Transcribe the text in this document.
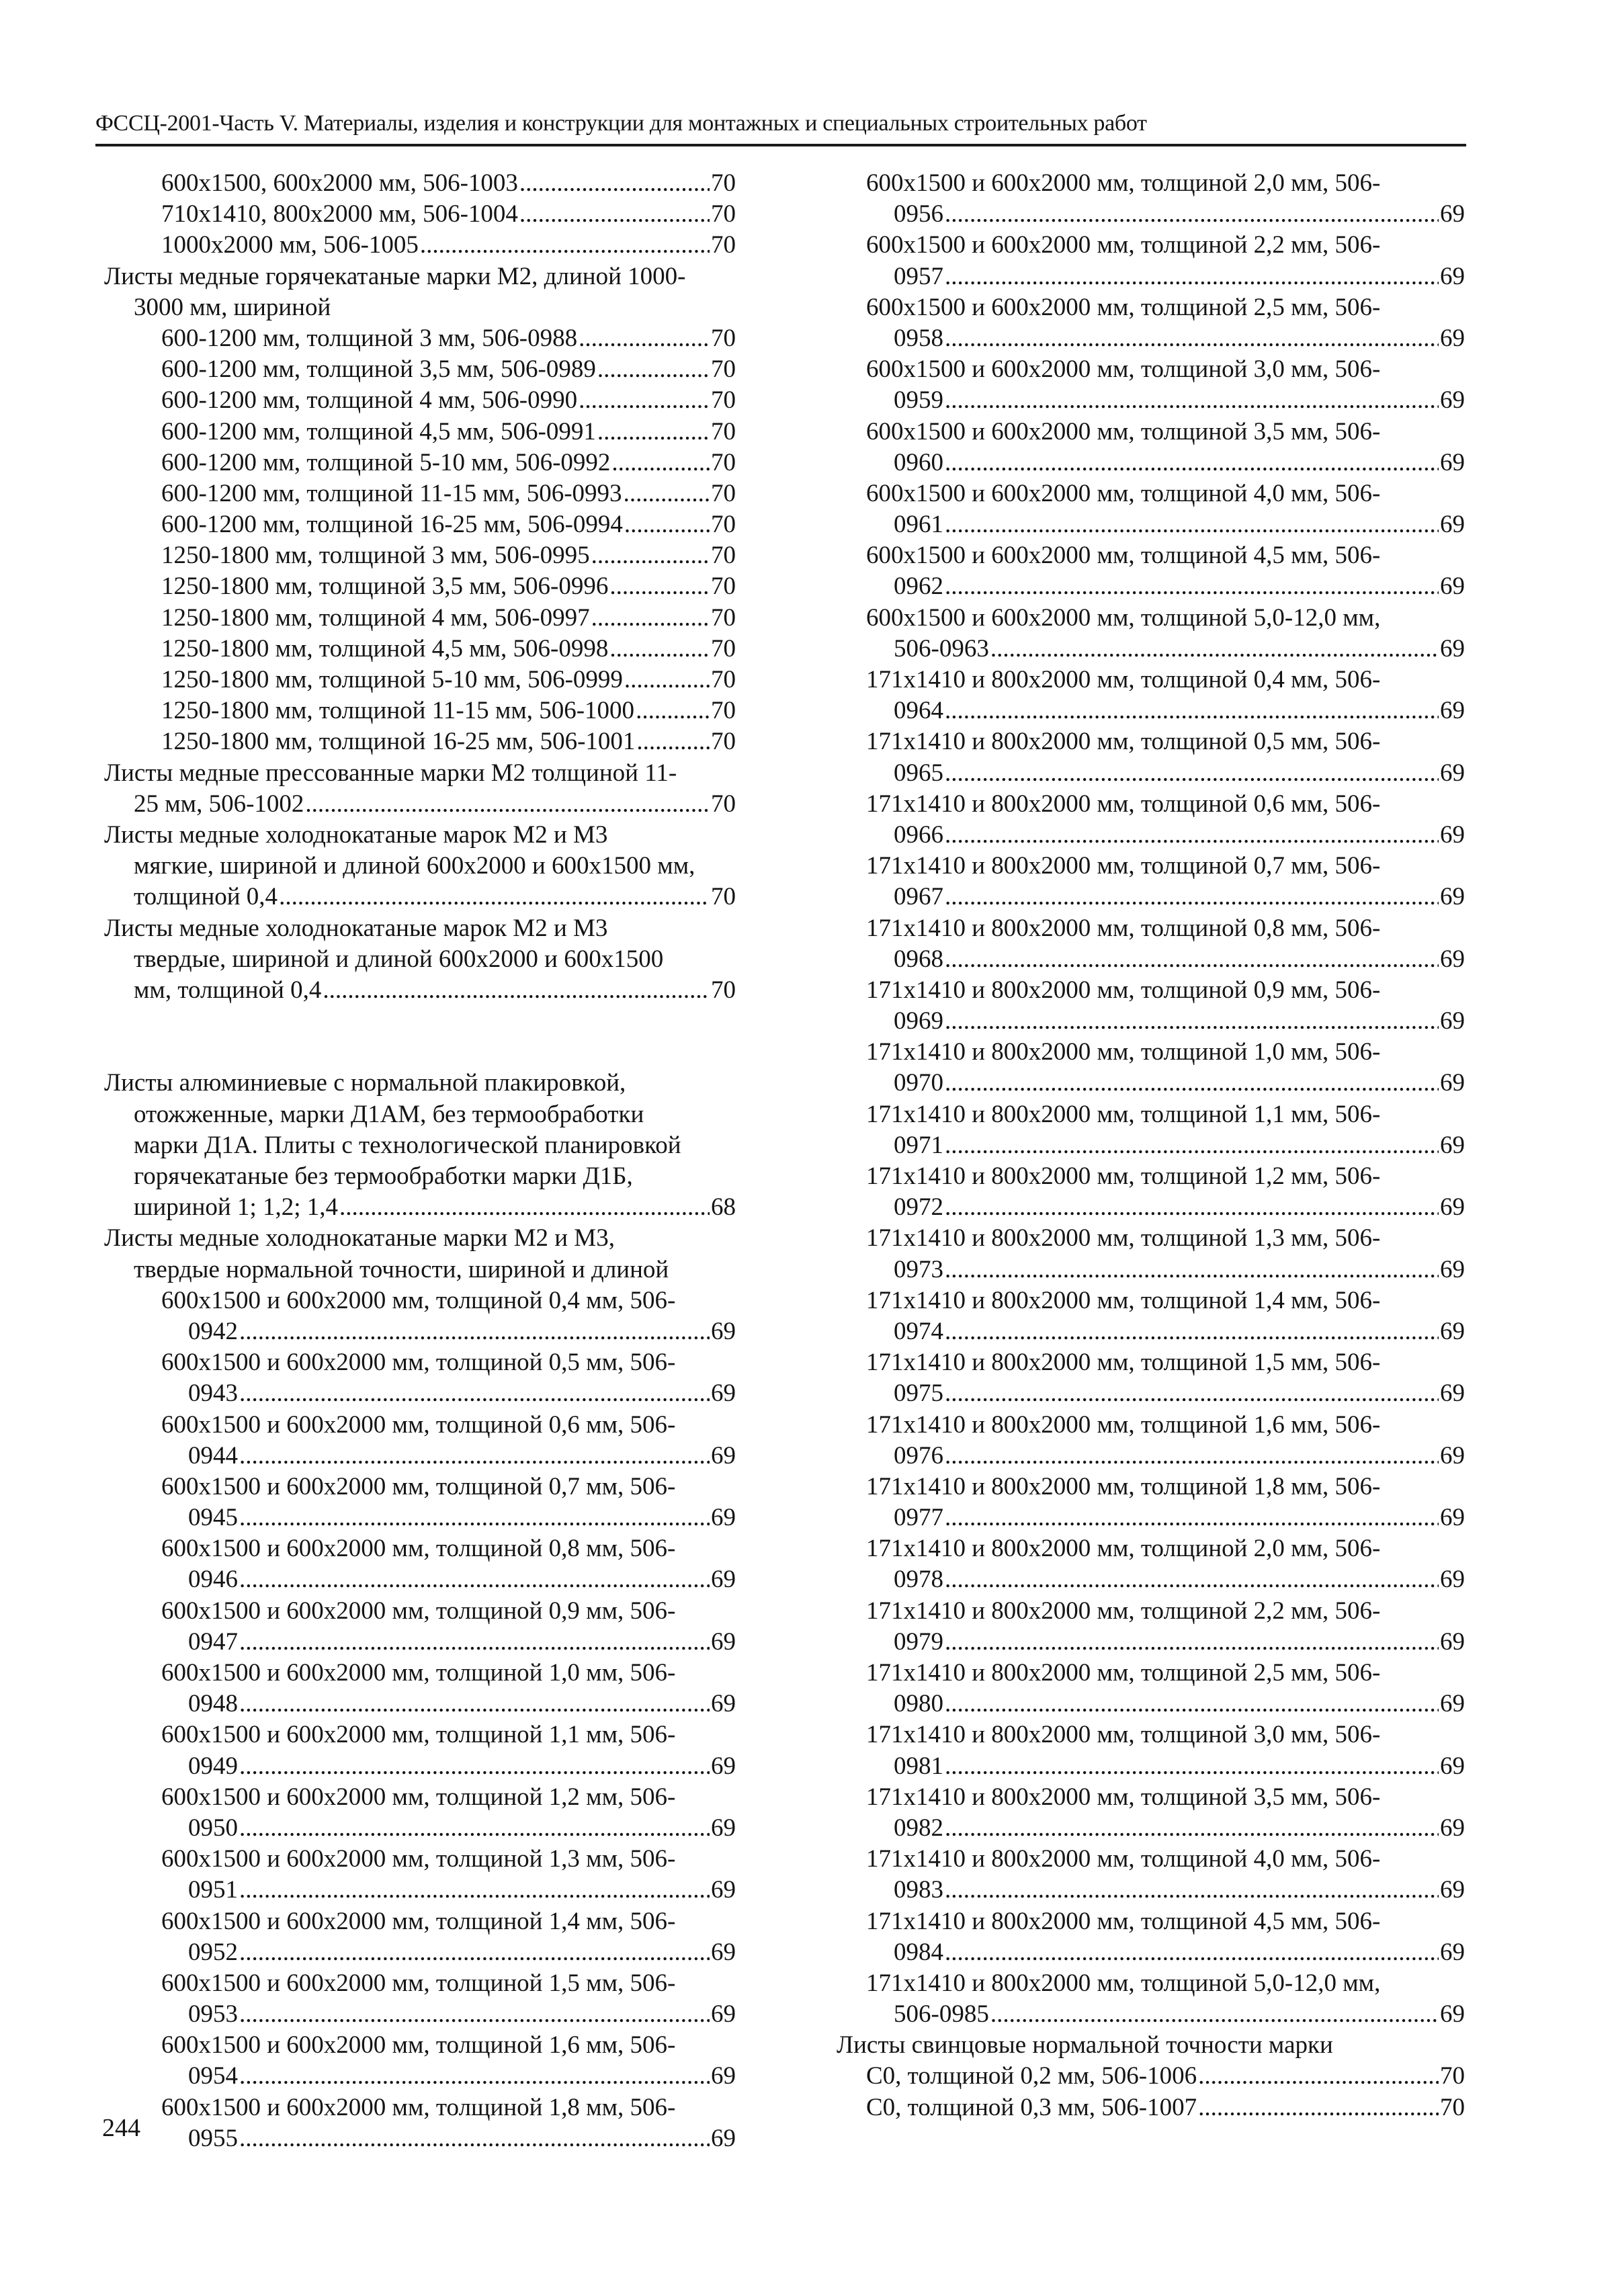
ФССЦ-2001-Часть V. Материалы, изделия и конструкции для монтажных и специальных строительных работ
600x1500, 600x2000 мм, 506-1003 .....	70
710x1410, 800x2000 мм, 506-1004 .....	70
1000x2000 мм, 506-1005 .....	70
Листы медные горячекатаные марки М2, длиной 1000-
3000 мм, шириной
600-1200 мм, толщиной 3 мм, 506-0988 .....	70
600-1200 мм, толщиной 3,5 мм, 506-0989 .....	70
600-1200 мм, толщиной 4 мм, 506-0990 .....	70
600-1200 мм, толщиной 4,5 мм, 506-0991 .....	70
600-1200 мм, толщиной 5-10 мм, 506-0992 .....	70
600-1200 мм, толщиной 11-15 мм, 506-0993 .....	70
600-1200 мм, толщиной 16-25 мм, 506-0994 .....	70
1250-1800 мм, толщиной 3 мм, 506-0995 .....	70
1250-1800 мм, толщиной 3,5 мм, 506-0996 .....	70
1250-1800 мм, толщиной 4 мм, 506-0997 .....	70
1250-1800 мм, толщиной 4,5 мм, 506-0998 .....	70
1250-1800 мм, толщиной 5-10 мм, 506-0999 .....	70
1250-1800 мм, толщиной 11-15 мм, 506-1000 .....	70
1250-1800 мм, толщиной 16-25 мм, 506-1001 .....	70
Листы медные прессованные марки М2 толщиной 11-
25 мм, 506-1002 .....	70
Листы медные холоднокатаные марок М2 и М3
мягкие, шириной и длиной 600x2000 и 600x1500 мм,
толщиной 0,4 .....	70
Листы медные холоднокатаные марок М2 и М3
твердые, шириной и длиной 600x2000 и 600x1500
мм, толщиной 0,4 .....	70
Листы алюминиевые с нормальной плакировкой,
отожженные, марки Д1АМ, без термообработки
марки Д1А. Плиты с технологической планировкой
горячекатаные без термообработки марки Д1Б,
шириной 1; 1,2; 1,4 .....	68
Листы медные холоднокатаные марки М2 и М3,
твердые нормальной точности, шириной и длиной
600x1500 и 600x2000 мм, толщиной 0,4 мм, 506-
0942 .....	69
600x1500 и 600x2000 мм, толщиной 0,5 мм, 506-
0943 .....	69
600x1500 и 600x2000 мм, толщиной 0,6 мм, 506-
0944 .....	69
600x1500 и 600x2000 мм, толщиной 0,7 мм, 506-
0945 .....	69
600x1500 и 600x2000 мм, толщиной 0,8 мм, 506-
0946 .....	69
600x1500 и 600x2000 мм, толщиной 0,9 мм, 506-
0947 .....	69
600x1500 и 600x2000 мм, толщиной 1,0 мм, 506-
0948 .....	69
600x1500 и 600x2000 мм, толщиной 1,1 мм, 506-
0949 .....	69
600x1500 и 600x2000 мм, толщиной 1,2 мм, 506-
0950 .....	69
600x1500 и 600x2000 мм, толщиной 1,3 мм, 506-
0951 .....	69
600x1500 и 600x2000 мм, толщиной 1,4 мм, 506-
0952 .....	69
600x1500 и 600x2000 мм, толщиной 1,5 мм, 506-
0953 .....	69
600x1500 и 600x2000 мм, толщиной 1,6 мм, 506-
0954 .....	69
600x1500 и 600x2000 мм, толщиной 1,8 мм, 506-
0955 .....	69
600x1500 и 600x2000 мм, толщиной 2,0 мм, 506-
0956 .....	69
600x1500 и 600x2000 мм, толщиной 2,2 мм, 506-
0957 .....	69
600x1500 и 600x2000 мм, толщиной 2,5 мм, 506-
0958 .....	69
600x1500 и 600x2000 мм, толщиной 3,0 мм, 506-
0959 .....	69
600x1500 и 600x2000 мм, толщиной 3,5 мм, 506-
0960 .....	69
600x1500 и 600x2000 мм, толщиной 4,0 мм, 506-
0961 .....	69
600x1500 и 600x2000 мм, толщиной 4,5 мм, 506-
0962 .....	69
600x1500 и 600x2000 мм, толщиной 5,0-12,0 мм,
506-0963 .....	69
171x1410 и 800x2000 мм, толщиной 0,4 мм, 506-
0964 .....	69
171x1410 и 800x2000 мм, толщиной 0,5 мм, 506-
0965 .....	69
171x1410 и 800x2000 мм, толщиной 0,6 мм, 506-
0966 .....	69
171x1410 и 800x2000 мм, толщиной 0,7 мм, 506-
0967 .....	69
171x1410 и 800x2000 мм, толщиной 0,8 мм, 506-
0968 .....	69
171x1410 и 800x2000 мм, толщиной 0,9 мм, 506-
0969 .....	69
171x1410 и 800x2000 мм, толщиной 1,0 мм, 506-
0970 .....	69
171x1410 и 800x2000 мм, толщиной 1,1 мм, 506-
0971 .....	69
171x1410 и 800x2000 мм, толщиной 1,2 мм, 506-
0972 .....	69
171x1410 и 800x2000 мм, толщиной 1,3 мм, 506-
0973 .....	69
171x1410 и 800x2000 мм, толщиной 1,4 мм, 506-
0974 .....	69
171x1410 и 800x2000 мм, толщиной 1,5 мм, 506-
0975 .....	69
171x1410 и 800x2000 мм, толщиной 1,6 мм, 506-
0976 .....	69
171x1410 и 800x2000 мм, толщиной 1,8 мм, 506-
0977 .....	69
171x1410 и 800x2000 мм, толщиной 2,0 мм, 506-
0978 .....	69
171x1410 и 800x2000 мм, толщиной 2,2 мм, 506-
0979 .....	69
171x1410 и 800x2000 мм, толщиной 2,5 мм, 506-
0980 .....	69
171x1410 и 800x2000 мм, толщиной 3,0 мм, 506-
0981 .....	69
171x1410 и 800x2000 мм, толщиной 3,5 мм, 506-
0982 .....	69
171x1410 и 800x2000 мм, толщиной 4,0 мм, 506-
0983 .....	69
171x1410 и 800x2000 мм, толщиной 4,5 мм, 506-
0984 .....	69
171x1410 и 800x2000 мм, толщиной 5,0-12,0 мм,
506-0985 .....	69
Листы свинцовые нормальной точности марки
С0, толщиной 0,2 мм, 506-1006 .....	70
С0, толщиной 0,3 мм, 506-1007 .....	70
244
